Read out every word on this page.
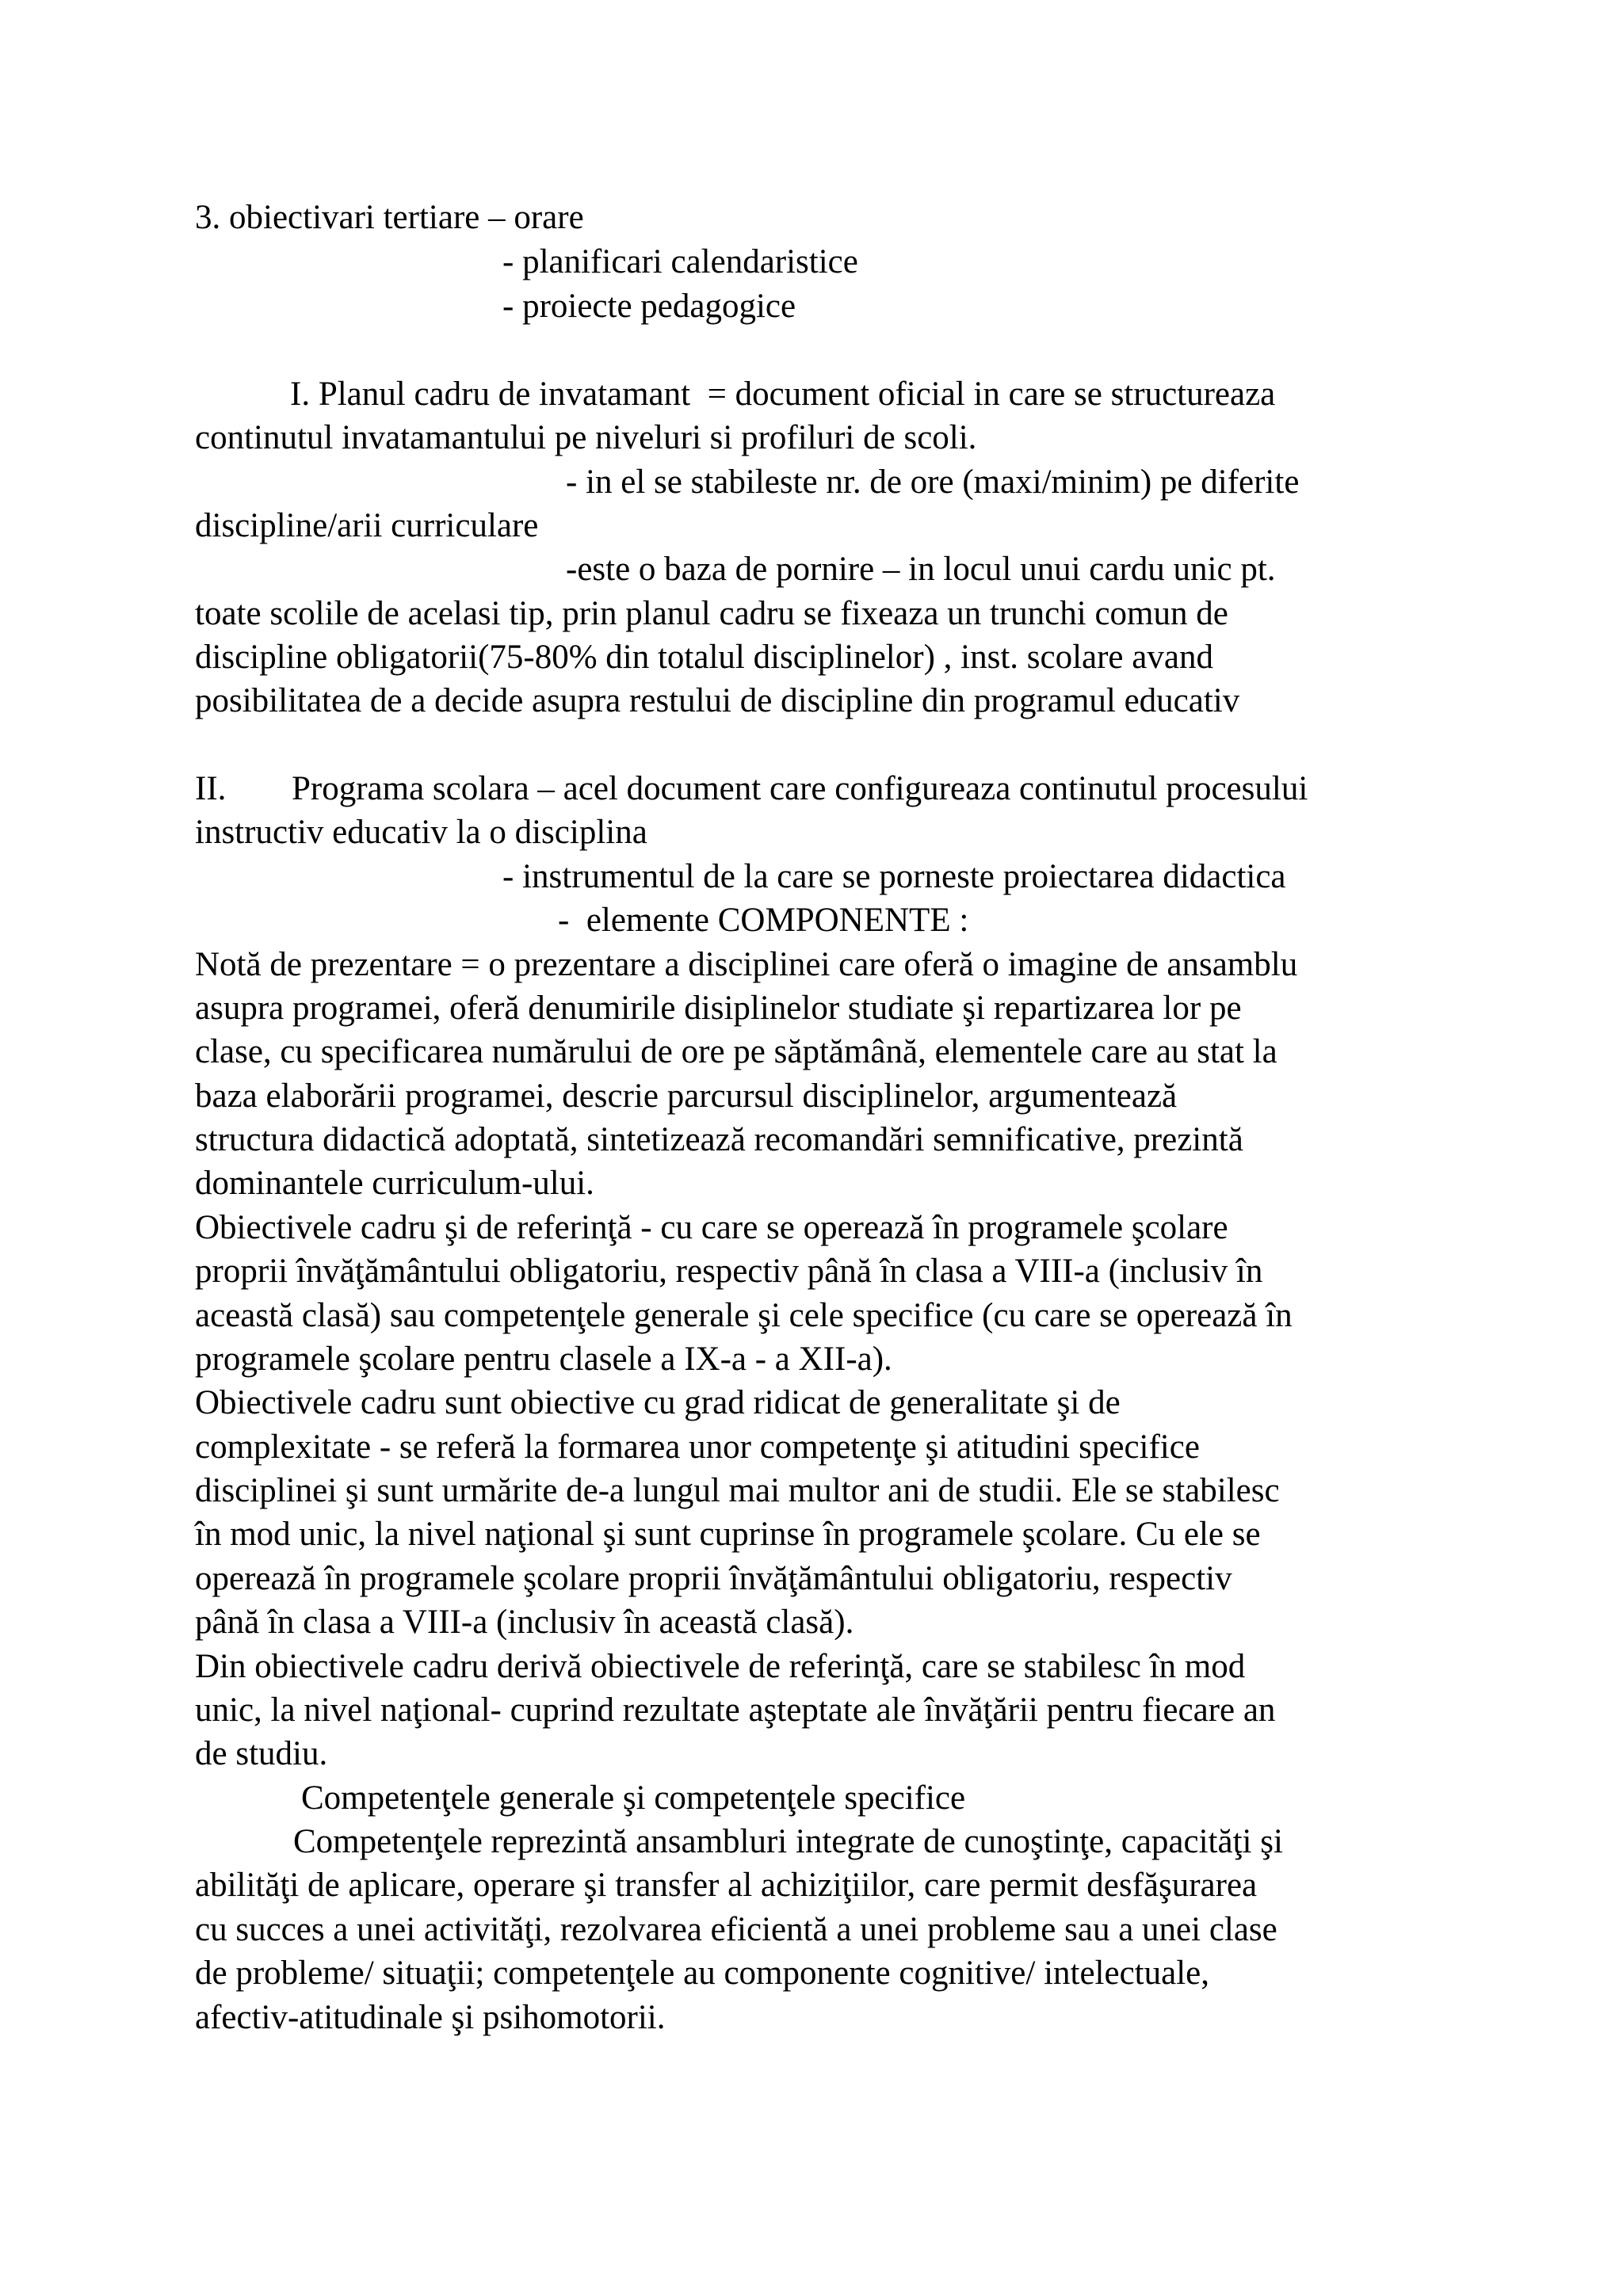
3. obiectivari tertiare – orare

- planificari calendaristice

- proiecte pedagogice

I. Planul cadru de invatamant  = document oficial in care se structureaza

continutul invatamantului pe niveluri si profiluri de scoli.

- in el se stabileste nr. de ore (maxi/minim) pe diferite

discipline/arii curriculare

-este o baza de pornire – in locul unui cardu unic pt.

toate scolile de acelasi tip, prin planul cadru se fixeaza un trunchi comun de

discipline obligatorii(75-80% din totalul disciplinelor) , inst. scolare avand

posibilitatea de a decide asupra restului de discipline din programul educativ

II. Programa scolara – acel document care configureaza continutul procesului

instructiv educativ la o disciplina

- instrumentul de la care se porneste proiectarea didactica

-  elemente COMPONENTE :

Notă de prezentare = o prezentare a disciplinei care oferă o imagine de ansamblu

asupra programei, oferă denumirile disiplinelor studiate şi repartizarea lor pe

clase, cu specificarea numărului de ore pe săptămână, elementele care au stat la

baza elaborării programei, descrie parcursul disciplinelor, argumentează

structura didactică adoptată, sintetizează recomandări semnificative, prezintă

dominantele curriculum-ului.

Obiectivele cadru şi de referinţă - cu care se operează în programele şcolare

proprii învăţământului obligatoriu, respectiv până în clasa a VIII-a (inclusiv în

această clasă) sau competenţele generale şi cele specifice (cu care se operează în

programele şcolare pentru clasele a IX-a - a XII-a).

Obiectivele cadru sunt obiective cu grad ridicat de generalitate şi de

complexitate - se referă la formarea unor competenţe şi atitudini specifice

disciplinei şi sunt urmărite de-a lungul mai multor ani de studii. Ele se stabilesc

în mod unic, la nivel naţional şi sunt cuprinse în programele şcolare. Cu ele se

operează în programele şcolare proprii învăţământului obligatoriu, respectiv

până în clasa a VIII-a (inclusiv în această clasă).

Din obiectivele cadru derivă obiectivele de referinţă, care se stabilesc în mod

unic, la nivel naţional- cuprind rezultate aşteptate ale învăţării pentru fiecare an

de studiu.

Competenţele generale şi competenţele specifice

Competenţele reprezintă ansambluri integrate de cunoştinţe, capacităţi şi

abilităţi de aplicare, operare şi transfer al achiziţiilor, care permit desfăşurarea

cu succes a unei activităţi, rezolvarea eficientă a unei probleme sau a unei clase

de probleme/ situaţii; competenţele au componente cognitive/ intelectuale,

afectiv-atitudinale şi psihomotorii.
